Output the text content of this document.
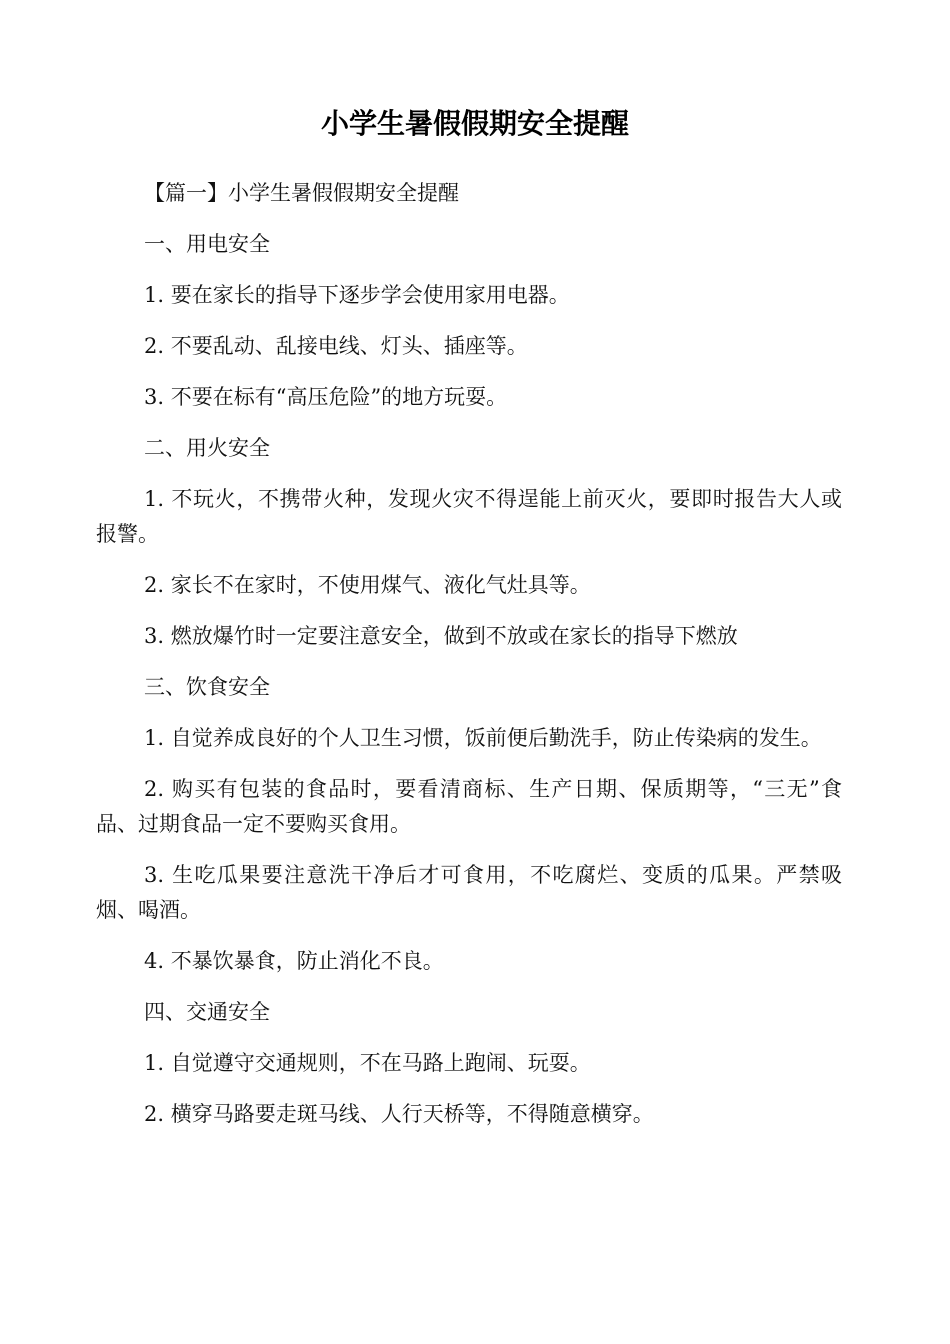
小学生暑假假期安全提醒

【篇一】小学生暑假假期安全提醒

一、用电安全

1. 要在家长的指导下逐步学会使用家用电器。

2. 不要乱动、乱接电线、灯头、插座等。

3. 不要在标有“高压危险”的地方玩耍。

二、用火安全

1. 不玩火，不携带火种，发现火灾不得逞能上前灭火，要即时报告大人或报警。

2. 家长不在家时，不使用煤气、液化气灶具等。

3. 燃放爆竹时一定要注意安全，做到不放或在家长的指导下燃放

三、饮食安全

1. 自觉养成良好的个人卫生习惯，饭前便后勤洗手，防止传染病的发生。

2. 购买有包装的食品时，要看清商标、生产日期、保质期等，“三无”食品、过期食品一定不要购买食用。

3. 生吃瓜果要注意洗干净后才可食用，不吃腐烂、变质的瓜果。严禁吸烟、喝酒。

4. 不暴饮暴食，防止消化不良。

四、交通安全

1. 自觉遵守交通规则，不在马路上跑闹、玩耍。

2. 横穿马路要走斑马线、人行天桥等，不得随意横穿。
